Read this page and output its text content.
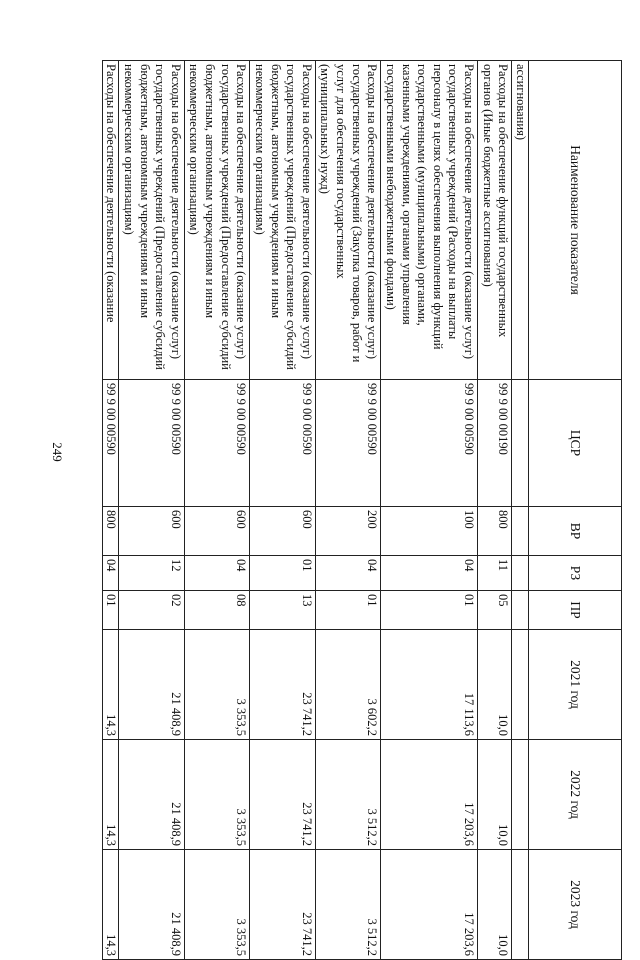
249
Наименование показателя	ЦСР	ВР	РЗ	ПР	2021 год	2022 год	2023 год
ассигнования)							
Расходы на обеспечение функций государственных органов (Иные бюджетные ассигнования)	99 9 00 00190	800	11	05	10,0	10,0	10,0
Расходы на обеспечение деятельности (оказание услуг) государственных учреждений (Расходы на выплаты персоналу в целях обеспечения выполнения функций государственными (муниципальными) органами, казенными учреждениями, органами управления государственными внебюджетными фондами)	99 9 00 00590	100	04	01	17 113,6	17 203,6	17 203,6
Расходы на обеспечение деятельности (оказание услуг) государственных учреждений (Закупка товаров, работ и услуг для обеспечения государственных (муниципальных) нужд)	99 9 00 00590	200	04	01	3 602,2	3 512,2	3 512,2
Расходы на обеспечение деятельности (оказание услуг) государственных учреждений (Предоставление субсидий бюджетным, автономным учреждениям и иным некоммерческим организациям)	99 9 00 00590	600	01	13	23 741,2	23 741,2	23 741,2
Расходы на обеспечение деятельности (оказание услуг) государственных учреждений (Предоставление субсидий бюджетным, автономным учреждениям и иным некоммерческим организациям)	99 9 00 00590	600	04	08	3 353,5	3 353,5	3 353,5
Расходы на обеспечение деятельности (оказание услуг) государственных учреждений (Предоставление субсидий бюджетным, автономным учреждениям и иным некоммерческим организациям)	99 9 00 00590	600	12	02	21 408,9	21 408,9	21 408,9
Расходы на обеспечение деятельности (оказание	99 9 00 00590	800	04	01	14,3	14,3	14,3
